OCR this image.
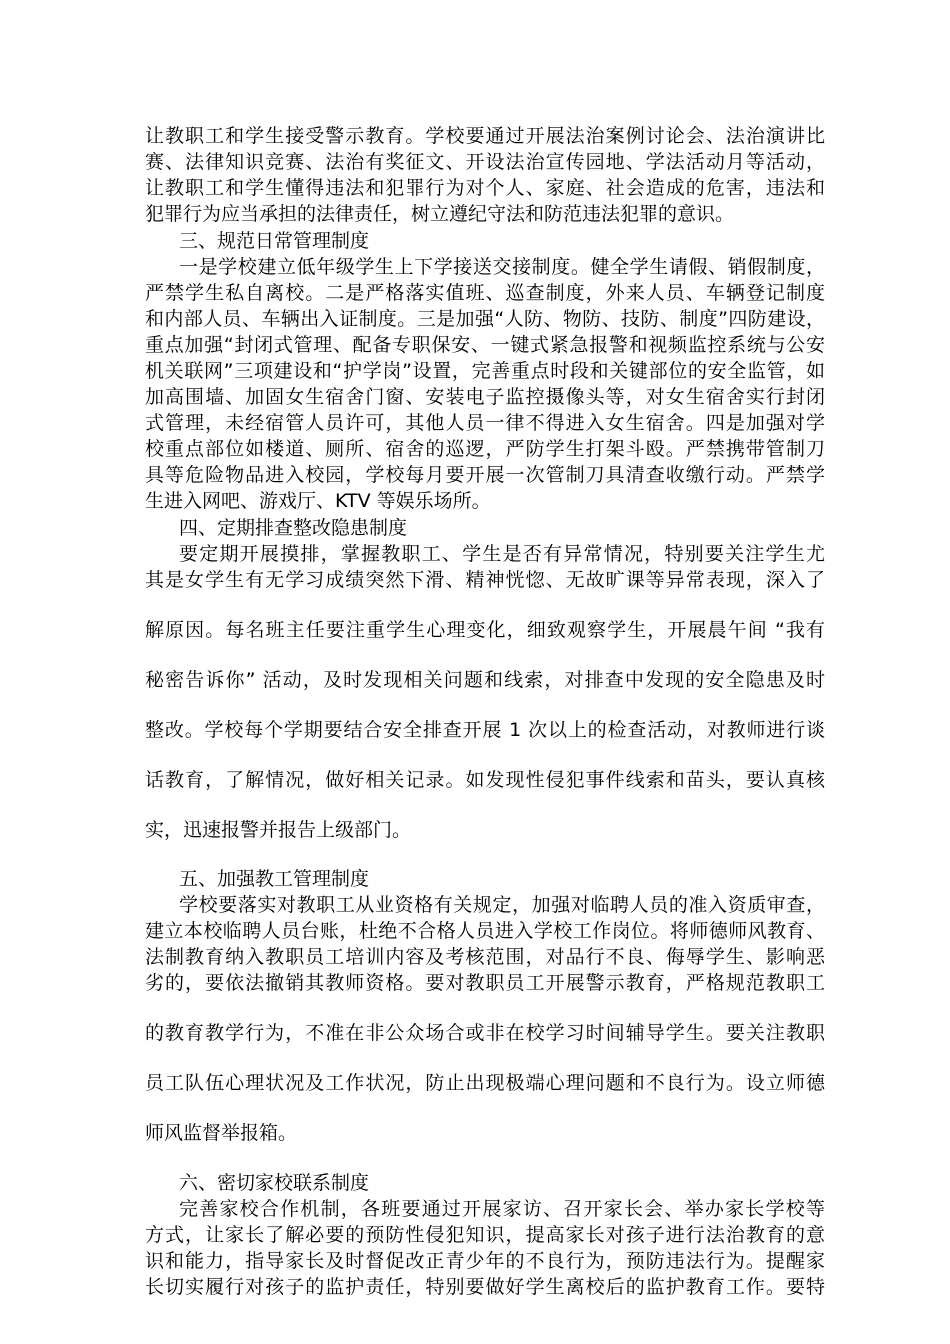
让教职工和学生接受警示教育。学校要通过开展法治案例讨论会、法治演讲比
赛、法律知识竞赛、法治有奖征文、开设法治宣传园地、学法活动月等活动，
让教职工和学生懂得违法和犯罪行为对个人、家庭、社会造成的危害，违法和
犯罪行为应当承担的法律责任，树立遵纪守法和防范违法犯罪的意识。
三、规范日常管理制度
一是学校建立低年级学生上下学接送交接制度。健全学生请假、销假制度，
严禁学生私自离校。二是严格落实值班、巡查制度，外来人员、车辆登记制度
和内部人员、车辆出入证制度。三是加强“人防、物防、技防、制度”四防建设，
重点加强“封闭式管理、配备专职保安、一键式紧急报警和视频监控系统与公安
机关联网”三项建设和“护学岗”设置，完善重点时段和关键部位的安全监管，如
加高围墙、加固女生宿舍门窗、安装电子监控摄像头等，对女生宿舍实行封闭
式管理，未经宿管人员许可，其他人员一律不得进入女生宿舍。四是加强对学
校重点部位如楼道、厕所、宿舍的巡逻，严防学生打架斗殴。严禁携带管制刀
具等危险物品进入校园，学校每月要开展一次管制刀具清查收缴行动。严禁学
生进入网吧、游戏厅、KTV 等娱乐场所。
四、定期排查整改隐患制度
要定期开展摸排，掌握教职工、学生是否有异常情况，特别要关注学生尤
其是女学生有无学习成绩突然下滑、精神恍惚、无故旷课等异常表现，深入了
解原因。每名班主任要注重学生心理变化，细致观察学生，开展晨午间 “我有
秘密告诉你” 活动，及时发现相关问题和线索，对排查中发现的安全隐患及时
整改。学校每个学期要结合安全排查开展 1 次以上的检查活动，对教师进行谈
话教育，了解情况，做好相关记录。如发现性侵犯事件线索和苗头，要认真核
实，迅速报警并报告上级部门。
五、加强教工管理制度
学校要落实对教职工从业资格有关规定，加强对临聘人员的准入资质审查，
建立本校临聘人员台账，杜绝不合格人员进入学校工作岗位。将师德师风教育、
法制教育纳入教职员工培训内容及考核范围，对品行不良、侮辱学生、影响恶
劣的，要依法撤销其教师资格。要对教职员工开展警示教育，严格规范教职工
的教育教学行为，不准在非公众场合或非在校学习时间辅导学生。要关注教职
员工队伍心理状况及工作状况，防止出现极端心理问题和不良行为。设立师德
师风监督举报箱。
六、密切家校联系制度
完善家校合作机制，各班要通过开展家访、召开家长会、举办家长学校等
方式，让家长了解必要的预防性侵犯知识，提高家长对孩子进行法治教育的意
识和能力，指导家长及时督促改正青少年的不良行为，预防违法行为。提醒家
长切实履行对孩子的监护责任，特别要做好学生离校后的监护教育工作。要特
